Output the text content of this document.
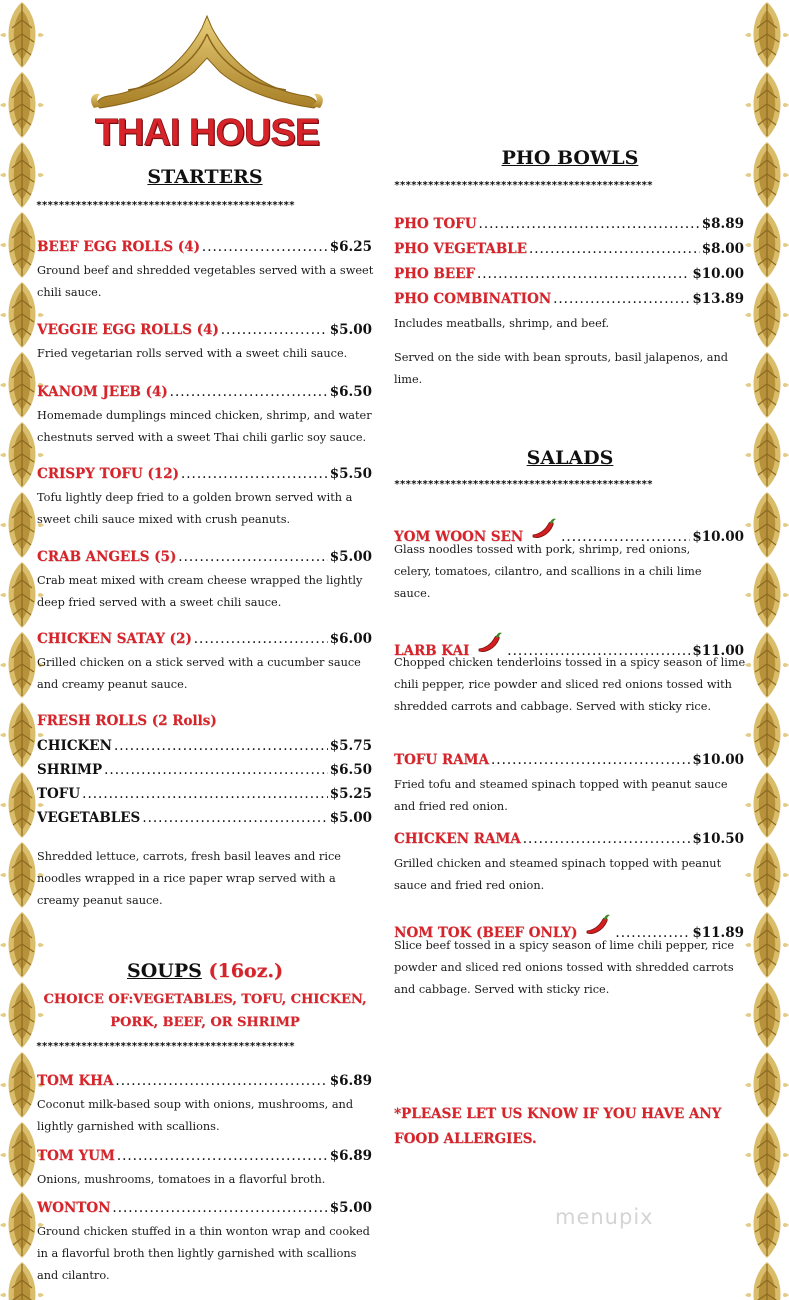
THAI HOUSE
STARTERS
**********************************************
BEEF EGG ROLLS (4) .....	$6.25
Ground beef and shredded vegetables served with a sweet chili sauce.
VEGGIE EGG ROLLS (4) .....	$5.00
Fried vegetarian rolls served with a sweet chili sauce.
KANOM JEEB (4) .....	$6.50
Homemade dumplings minced chicken, shrimp, and water chestnuts served with a sweet Thai chili garlic soy sauce.
CRISPY TOFU (12) .....	$5.50
Tofu lightly deep fried to a golden brown served with a sweet chili sauce mixed with crush peanuts.
CRAB ANGELS (5) .....	$5.00
Crab meat mixed with cream cheese wrapped the lightly deep fried served with a sweet chili sauce.
CHICKEN SATAY (2) .....	$6.00
Grilled chicken on a stick served with a cucumber sauce and creamy peanut sauce.
FRESH ROLLS (2 Rolls)
CHICKEN .....	$5.75
SHRIMP .....	$6.50
TOFU .....	$5.25
VEGETABLES .....	$5.00
Shredded lettuce, carrots, fresh basil leaves and rice noodles wrapped in a rice paper wrap served with a creamy peanut sauce.
SOUPS (16oz.)
CHOICE OF:VEGETABLES, TOFU, CHICKEN, PORK, BEEF, OR SHRIMP
**********************************************
TOM KHA .....	$6.89
Coconut milk-based soup with onions, mushrooms, and lightly garnished with scallions.
TOM YUM .....	$6.89
Onions, mushrooms, tomatoes in a flavorful broth.
WONTON .....	$5.00
Ground chicken stuffed in a thin wonton wrap and cooked in a flavorful broth then lightly garnished with scallions and cilantro.
PHO BOWLS
**********************************************
PHO TOFU .....	$8.89
PHO VEGETABLE .....	$8.00
PHO BEEF .....	$10.00
PHO COMBINATION .....	$13.89
Includes meatballs, shrimp, and beef.
Served on the side with bean sprouts, basil jalapenos, and lime.
SALADS
**********************************************
YOM WOON SEN .....	$10.00
Glass noodles tossed with pork, shrimp, red onions, celery, tomatoes, cilantro, and scallions in a chili lime sauce.
LARB KAI .....	$11.00
Chopped chicken tenderloins tossed in a spicy season of lime chili pepper, rice powder and sliced red onions tossed with shredded carrots and cabbage. Served with sticky rice.
TOFU RAMA .....	$10.00
Fried tofu and steamed spinach topped with peanut sauce and fried red onion.
CHICKEN RAMA .....	$10.50
Grilled chicken and steamed spinach topped with peanut sauce and fried red onion.
NOM TOK (BEEF ONLY) .....	$11.89
Slice beef tossed in a spicy season of lime chili pepper, rice powder and sliced red onions tossed with shredded carrots and cabbage. Served with sticky rice.
*PLEASE LET US KNOW IF YOU HAVE ANY FOOD ALLERGIES.
menupix
